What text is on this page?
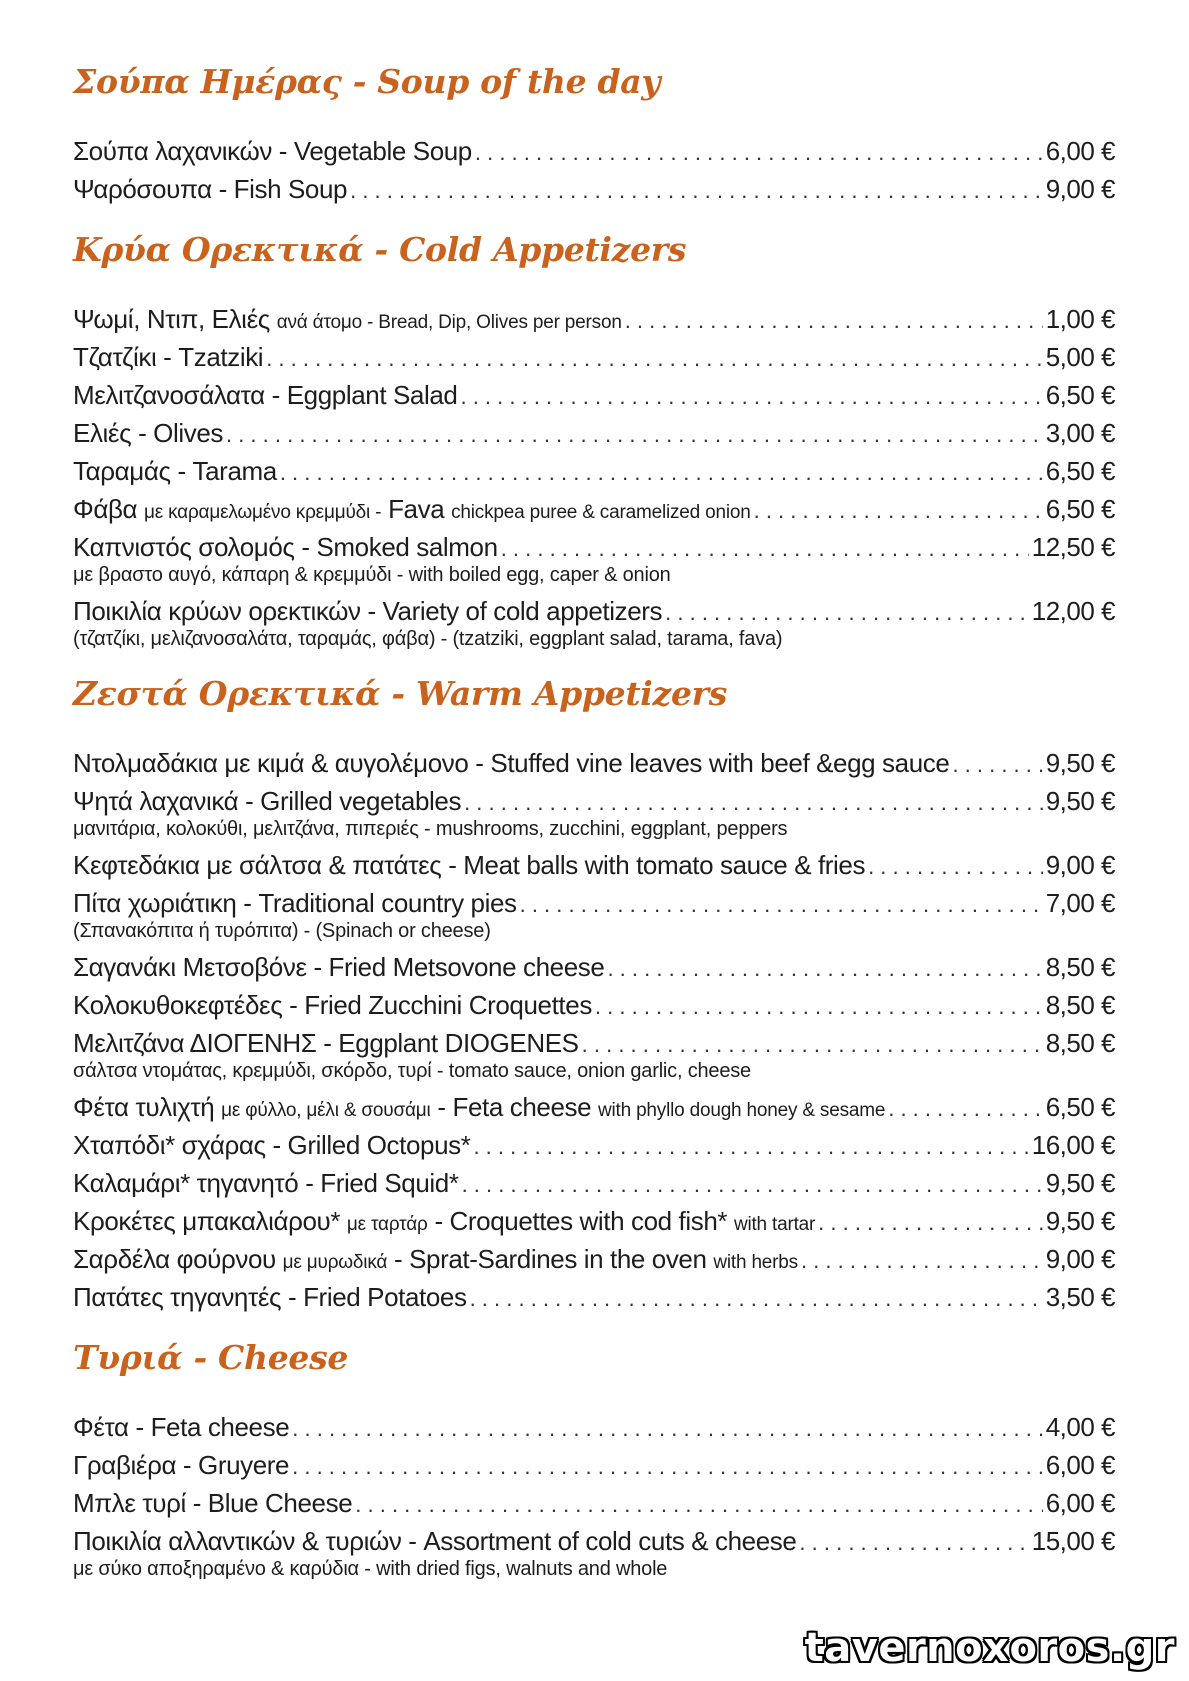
Σούπα Ημέρας - Soup of the day
Σούπα λαχανικών - Vegetable Soup . . .	6,00 €
Ψαρόσουπα - Fish Soup . . .	9,00 €
Κρύα Ορεκτικά - Cold Appetizers
Ψωμί, Ντιπ, Ελιές ανά άτομο - Bread, Dip, Olives per person . . .	1,00 €
Τζατζίκι - Tzatziki . . .	5,00 €
Μελιτζανοσάλατα - Eggplant Salad . . .	6,50 €
Ελιές - Olives . . .	3,00 €
Ταραμάς - Tarama . . .	6,50 €
Φάβα με καραμελωμένο κρεμμύδι - Fava chickpea puree & caramelized onion . . .	6,50 €
Καπνιστός σολομός - Smoked salmon . . .	12,50 €
με βραστο αυγό, κάπαρη & κρεμμύδι - with boiled egg, caper & onion
Ποικιλία κρύων ορεκτικών - Variety of cold appetizers . . .	12,00 €
(τζατζίκι, μελιζανοσαλάτα, ταραμάς, φάβα) - (tzatziki, eggplant salad, tarama, fava)
Ζεστά Ορεκτικά - Warm Appetizers
Ντολμαδάκια με κιμά & αυγολέμονο - Stuffed vine leaves with beef &egg sauce . . .	9,50 €
Ψητά λαχανικά - Grilled vegetables . . .	9,50 €
μανιτάρια, κολοκύθι, μελιτζάνα, πιπεριές - mushrooms, zucchini, eggplant, peppers
Κεφτεδάκια με σάλτσα & πατάτες - Meat balls with tomato sauce & fries . . .	9,00 €
Πίτα χωριάτικη - Traditional country pies . . .	7,00 €
(Σπανακόπιτα ή τυρόπιτα) - (Spinach or cheese)
Σαγανάκι Μετσοβόνε - Fried Metsovone cheese . . .	8,50 €
Κολοκυθοκεφτέδες - Fried Zucchini Croquettes . . .	8,50 €
Μελιτζάνα ΔΙΟΓΕΝΗΣ - Eggplant DIOGENES . . .	8,50 €
σάλτσα ντομάτας, κρεμμύδι, σκόρδο, τυρί - tomato sauce, onion garlic, cheese
Φέτα τυλιχτή με φύλλο, μέλι & σουσάμι - Feta cheese with phyllo dough honey & sesame . . .	6,50 €
Χταπόδι* σχάρας - Grilled Octopus* . . .	16,00 €
Καλαμάρι* τηγανητό - Fried Squid* . . .	9,50 €
Κροκέτες μπακαλιάρου* με ταρτάρ - Croquettes with cod fish* with tartar . . .	9,50 €
Σαρδέλα φούρνου με μυρωδικά - Sprat-Sardines in the oven with herbs . . .	9,00 €
Πατάτες τηγανητές - Fried Potatoes . . .	3,50 €
Τυριά - Cheese
Φέτα - Feta cheese . . .	4,00 €
Γραβιέρα - Gruyere . . .	6,00 €
Μπλε τυρί - Blue Cheese . . .	6,00 €
Ποικιλία αλλαντικών & τυριών - Assortment of cold cuts & cheese . . .	15,00 €
με σύκο αποξηραμένο & καρύδια - with dried figs, walnuts and whole
tavernoxoros.gr
